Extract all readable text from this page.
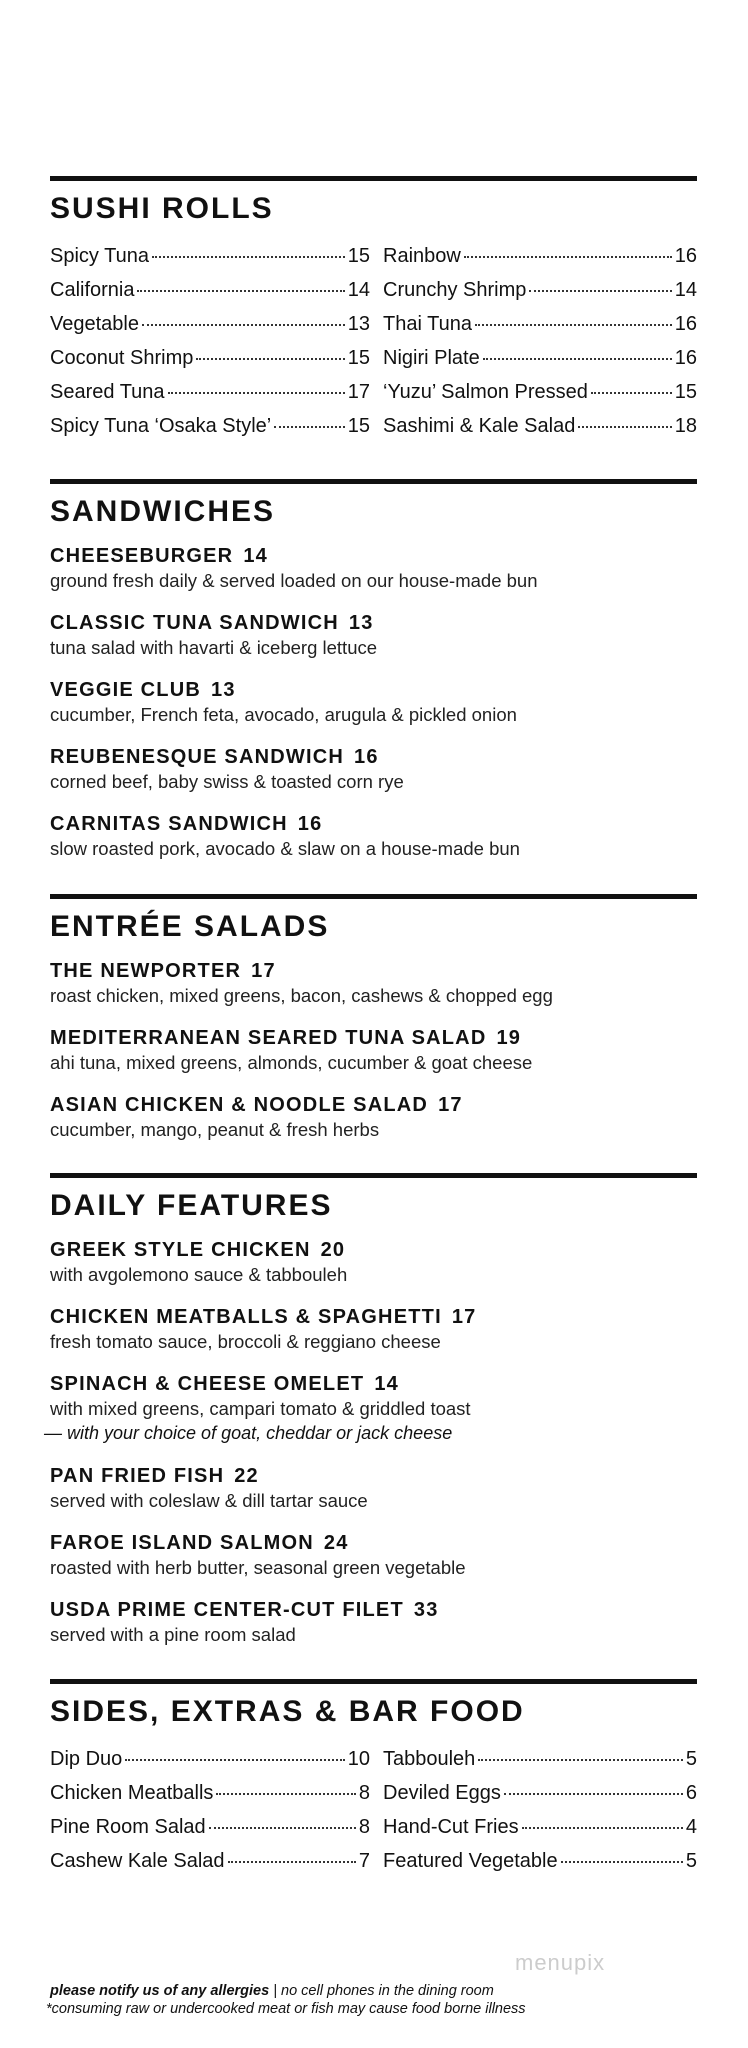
SUSHI ROLLS
Spicy Tuna	15 Rainbow	16
California	14 Crunchy Shrimp	14
Vegetable	13 Thai Tuna	16
Coconut Shrimp	15 Nigiri Plate	16
Seared Tuna	17 ‘Yuzu’ Salmon Pressed	15
Spicy Tuna ‘Osaka Style’	15 Sashimi & Kale Salad	18
SANDWICHES
CHEESEBURGER 14
ground fresh daily & served loaded on our house-made bun
CLASSIC TUNA SANDWICH 13
tuna salad with havarti & iceberg lettuce
VEGGIE CLUB 13
cucumber, French feta, avocado, arugula & pickled onion
REUBENESQUE SANDWICH 16
corned beef, baby swiss & toasted corn rye
CARNITAS SANDWICH 16
slow roasted pork, avocado & slaw on a house-made bun
ENTRÉE SALADS
THE NEWPORTER 17
roast chicken, mixed greens, bacon, cashews & chopped egg
MEDITERRANEAN SEARED TUNA SALAD 19
ahi tuna, mixed greens, almonds, cucumber & goat cheese
ASIAN CHICKEN & NOODLE SALAD 17
cucumber, mango, peanut & fresh herbs
DAILY FEATURES
GREEK STYLE CHICKEN 20
with avgolemono sauce & tabbouleh
CHICKEN MEATBALLS & SPAGHETTI 17
fresh tomato sauce, broccoli & reggiano cheese
SPINACH & CHEESE OMELET 14
with mixed greens, campari tomato & griddled toast
— with your choice of goat, cheddar or jack cheese
PAN FRIED FISH 22
served with coleslaw & dill tartar sauce
FAROE ISLAND SALMON 24
roasted with herb butter, seasonal green vegetable
USDA PRIME CENTER-CUT FILET 33
served with a pine room salad
SIDES, EXTRAS & BAR FOOD
Dip Duo	10 Tabbouleh	5
Chicken Meatballs	8 Deviled Eggs	6
Pine Room Salad	8 Hand-Cut Fries	4
Cashew Kale Salad	7 Featured Vegetable	5
menupix
please notify us of any allergies | no cell phones in the dining room
*consuming raw or undercooked meat or fish may cause food borne illness
